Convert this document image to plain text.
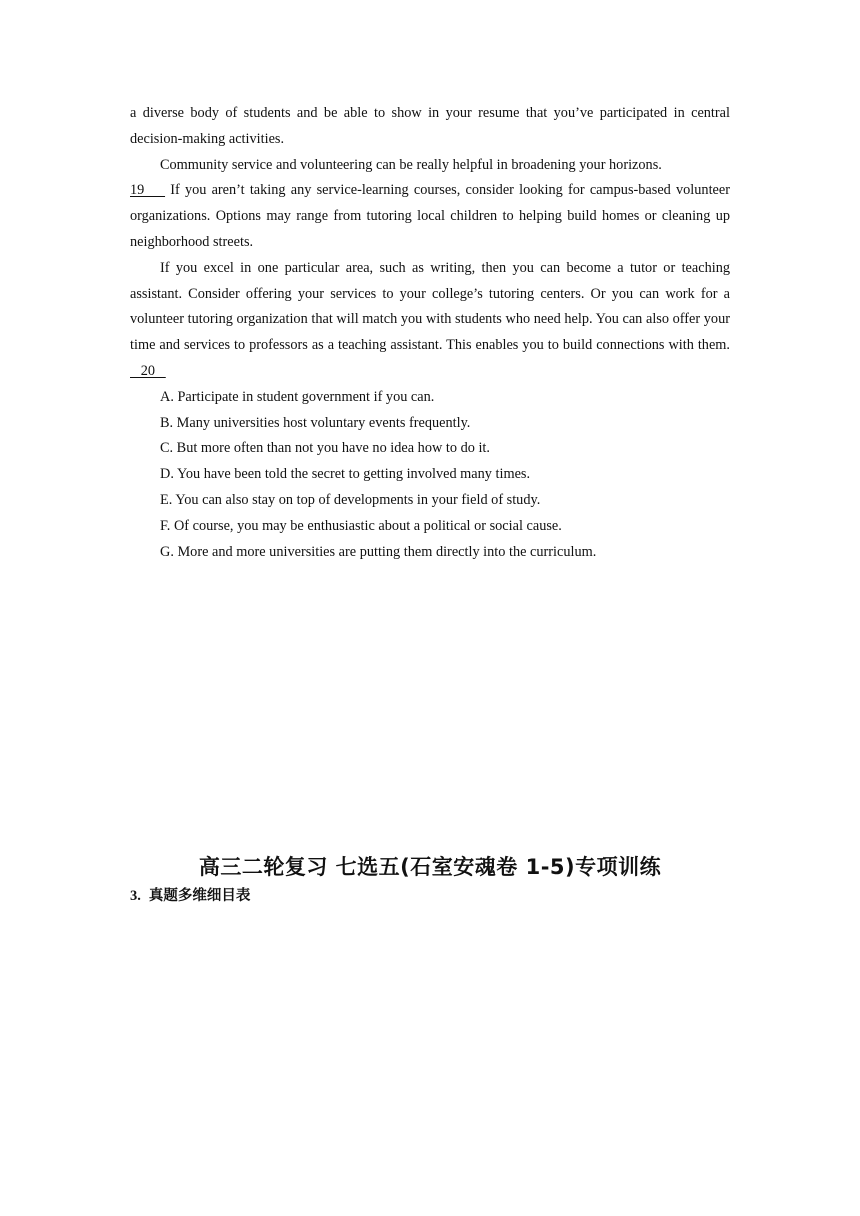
a diverse body of students and be able to show in your resume that you’ve participated in central decision-making activities.

Community service and volunteering can be really helpful in broadening your horizons.
19     If you aren’t taking any service-learning courses, consider looking for campus-based volunteer organizations. Options may range from tutoring local children to helping build homes or cleaning up neighborhood streets.

If you excel in one particular area, such as writing, then you can become a tutor or teaching assistant. Consider offering your services to your college’s tutoring centers. Or you can work for a volunteer tutoring organization that will match you with students who need help. You can also offer your time and services to professors as a teaching assistant. This enables you to build connections with them.    20

A. Participate in student government if you can.
B. Many universities host voluntary events frequently.
C. But more often than not you have no idea how to do it.
D. You have been told the secret to getting involved many times.
E. You can also stay on top of developments in your field of study.
F. Of course, you may be enthusiastic about a political or social cause.
G. More and more universities are putting them directly into the curriculum.
高三二轮复习 七选五(石室安魂卷 1-5)专项训练
3. 真题多维细目表
